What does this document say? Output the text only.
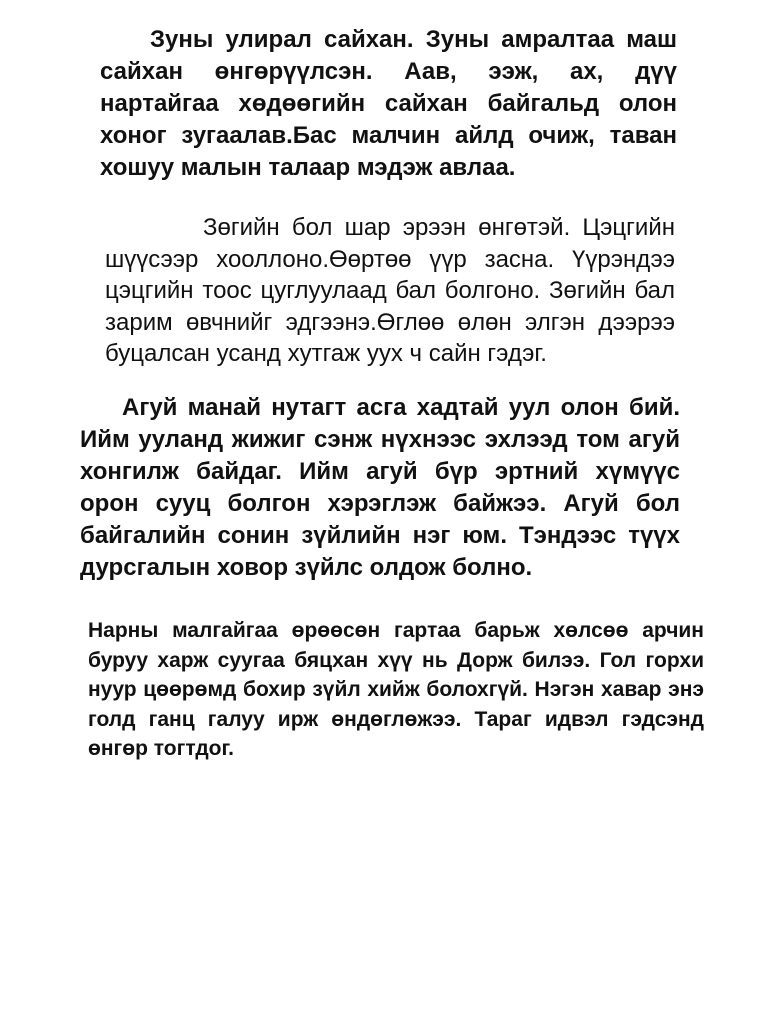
Зуны улирал сайхан. Зуны амралтаа маш сайхан өнгөрүүлсэн. Аав, ээж, ах, дүү нартайгаа хөдөөгийн сайхан байгальд олон хоног зугаалав.Бас малчин айлд очиж, таван хошуу малын талаар мэдэж авлаа.

Зөгийн бол шар эрээн өнгөтэй. Цэцгийн шүүсээр хооллоно.Өөртөө үүр засна. Үүрэндээ цэцгийн тоос цуглуулаад бал болгоно. Зөгийн бал зарим өвчнийг эдгээнэ.Өглөө өлөн элгэн дээрээ буцалсан усанд хутгаж уух ч сайн гэдэг.

Агуй манай нутагт асга хадтай уул олон бий. Ийм ууланд жижиг сэнж нүхнээс эхлээд том агуй хонгилж байдаг. Ийм агуй бүр эртний хүмүүс орон сууц болгон хэрэглэж байжээ. Агуй бол байгалийн сонин зүйлийн нэг юм. Тэндээс түүх дурсгалын ховор зүйлс олдож болно.

Нарны малгайгаа өрөөсөн гартаа барьж хөлсөө арчин буруу харж суугаа бяцхан хүү нь Дорж билээ. Гол горхи нуур цөөрөмд бохир зүйл хийж болохгүй. Нэгэн хавар энэ голд ганц галуу ирж өндөглөжээ. Тараг идвэл гэдсэнд өнгөр тогтдог.
